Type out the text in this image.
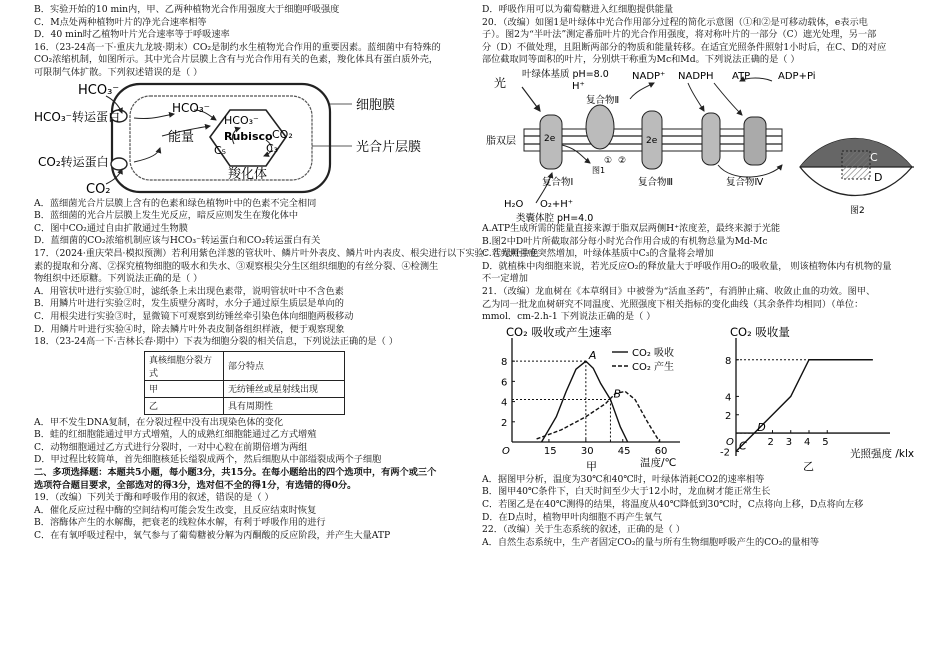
B．实验开始的10 min内，甲、乙两种植物光合作用强度大于细胞呼吸强度
C．M点处两种植物叶片的净光合速率相等
D．40 min时乙植物叶片光合速率等于呼吸速率
16．（23-24高一下·重庆九龙坡·期末）CO₂是制约水生植物光合作用的重要因素。蓝细菌中有特殊的
CO₂浓缩机制，如图所示。其中光合片层膜上含有与光合作用有关的色素，羧化体具有蛋白质外壳，
可限制气体扩散。下列叙述错误的是（ ）
HCO₃⁻
HCO₃⁻转运蛋白
CO₂转运蛋白
CO₂
能量
HCO₃⁻
HCO₃⁻
Rubisco
C₅	C₃
CO₂
羧化体
细胞膜
光合片层膜
A．蓝细菌光合片层膜上含有的色素和绿色植物叶中的色素不完全相同
B．蓝细菌的光合片层膜上发生光反应，暗反应则发生在羧化体中
C．图中CO₂通过自由扩散通过生物膜
D．蓝细菌的CO₂浓缩机制应该与HCO₃⁻转运蛋白和CO₂转运蛋白有关
17．（2024·重庆荣昌·模拟预测）若利用紫色洋葱的管状叶、鳞片叶外表皮、鳞片叶内表皮、根尖进行以下实验：①绿叶中色
素的提取和分离、②探究植物细胞的吸水和失水、③观察根尖分生区组织细胞的有丝分裂、④检测生
物组织中还原糖。下列说法正确的是（ ）
A．用管状叶进行实验①时，滤纸条上未出现色素带，说明管状叶中不含色素
B．用鳞片叶进行实验②时，发生质壁分离时，水分子通过原生质层是单向的
C．用根尖进行实验③时，显微镜下可观察到纺锤丝牵引染色体向细胞两极移动
D．用鳞片叶进行实验④时，除去鳞片叶外表皮制备组织样液，便于观察现象
18．（23-24高一下·吉林长春·期中）下表为细胞分裂的相关信息，下列说法正确的是（ ）
真核细胞分裂方式	部分特点
甲	无纺锤丝或星射线出现
乙	具有周期性
A．甲不发生DNA复制，在分裂过程中没有出现染色体的变化
B．蛙的红细胞能通过甲方式增殖，人的成熟红细胞能通过乙方式增殖
C．动物细胞通过乙方式进行分裂时，一对中心粒在前期倍增为两组
D．甲过程比较简单，首先细胞核延长缢裂成两个，然后细胞从中部缢裂成两个子细胞
二、多项选择题：本题共5小题，每小题3分，共15分。在每小题给出的四个选项中，有两个或三个
选项符合题目要求，全部选对的得3分，选对但不全的得1分，有选错的得0分。
19．（改编）下列关于酶和呼吸作用的叙述，错误的是（ ）
A．催化反应过程中酶的空间结构可能会发生改变，且反应结束时恢复
B．溶酶体产生的水解酶，把衰老的线粒体水解，有利于呼吸作用的进行
C．在有氧呼吸过程中，氧气参与了葡萄糖被分解为丙酮酸的反应阶段，并产生大量ATP
D．呼吸作用可以为葡萄糖进入红细胞提供能量
20．（改编）如图1是叶绿体中光合作用部分过程的简化示意图（①和②是可移动载体，e表示电
子）。图2为“半叶法”测定番茄叶片的光合作用强度，将对称叶片的一部分（C）遮光处理，另一部
分（D）不做处理，且阻断两部分的物质和能量转移。在适宜光照条件照射1小时后，在C、D的对应
部位截取同等面积的叶片，分别烘干称重为Mc和Md。下列说法正确的是（ ）
光
叶绿体基质 pH=8.0 NADP⁺ NADPH ATP	ADP+Pi
H⁺
复合物Ⅱ
脂双层
复合物Ⅰ	复合物Ⅲ	复合物Ⅳ
2e	2e
① ②
图1
H₂O O₂+H⁺
类囊体腔 pH=4.0
C
D
图2
A.ATP生成所需的能量直接来源于脂双层两侧H⁺浓度差，最终来源于光能
B.图2中D叶片所截取部分每小时光合作用合成的有机物总量为Md-Mc
C.若光照强度突然增加，叶绿体基质中C₃的含量将会增加
D．就植株中肉细胞来说，若光反应O₂的释放量大于呼吸作用O₂的吸收量， 则该植物体内有机物的量
不一定增加
21．（改编）龙血树在《本草纲目》中被誉为“活血圣药”，有消肿止痛、收敛止血的功效。图甲、
乙为同一批龙血树研究不同温度、光照强度下相关指标的变化曲线（其余条件均相同）（单位：
mmol．cm-2.h-1 下列说法正确的是（ ）
CO₂ 吸收或产生速率
温度/℃
O	15 30 45 60
2
4
6
8
A
B
CO₂ 吸收
CO₂ 产生
甲
CO₂ 吸收量
光照强度 /klx
O	2 3 4 5
-2
2
4
8
C
D
乙
A．据图甲分析，温度为30℃和40℃时，叶绿体消耗CO2的速率相等
B．图甲40℃条件下，白天时间至少大于12小时，龙血树才能正常生长
C．若图乙是在40℃测得的结果，将温度从40℃降低到30℃时，C点将向上移，D点将向左移
D．在D点时，植物甲叶肉细胞不再产生氧气
22．（改编）关于生态系统的叙述，正确的是（ ）
A．自然生态系统中，生产者固定CO₂的量与所有生物细胞呼吸产生的CO₂的量相等
